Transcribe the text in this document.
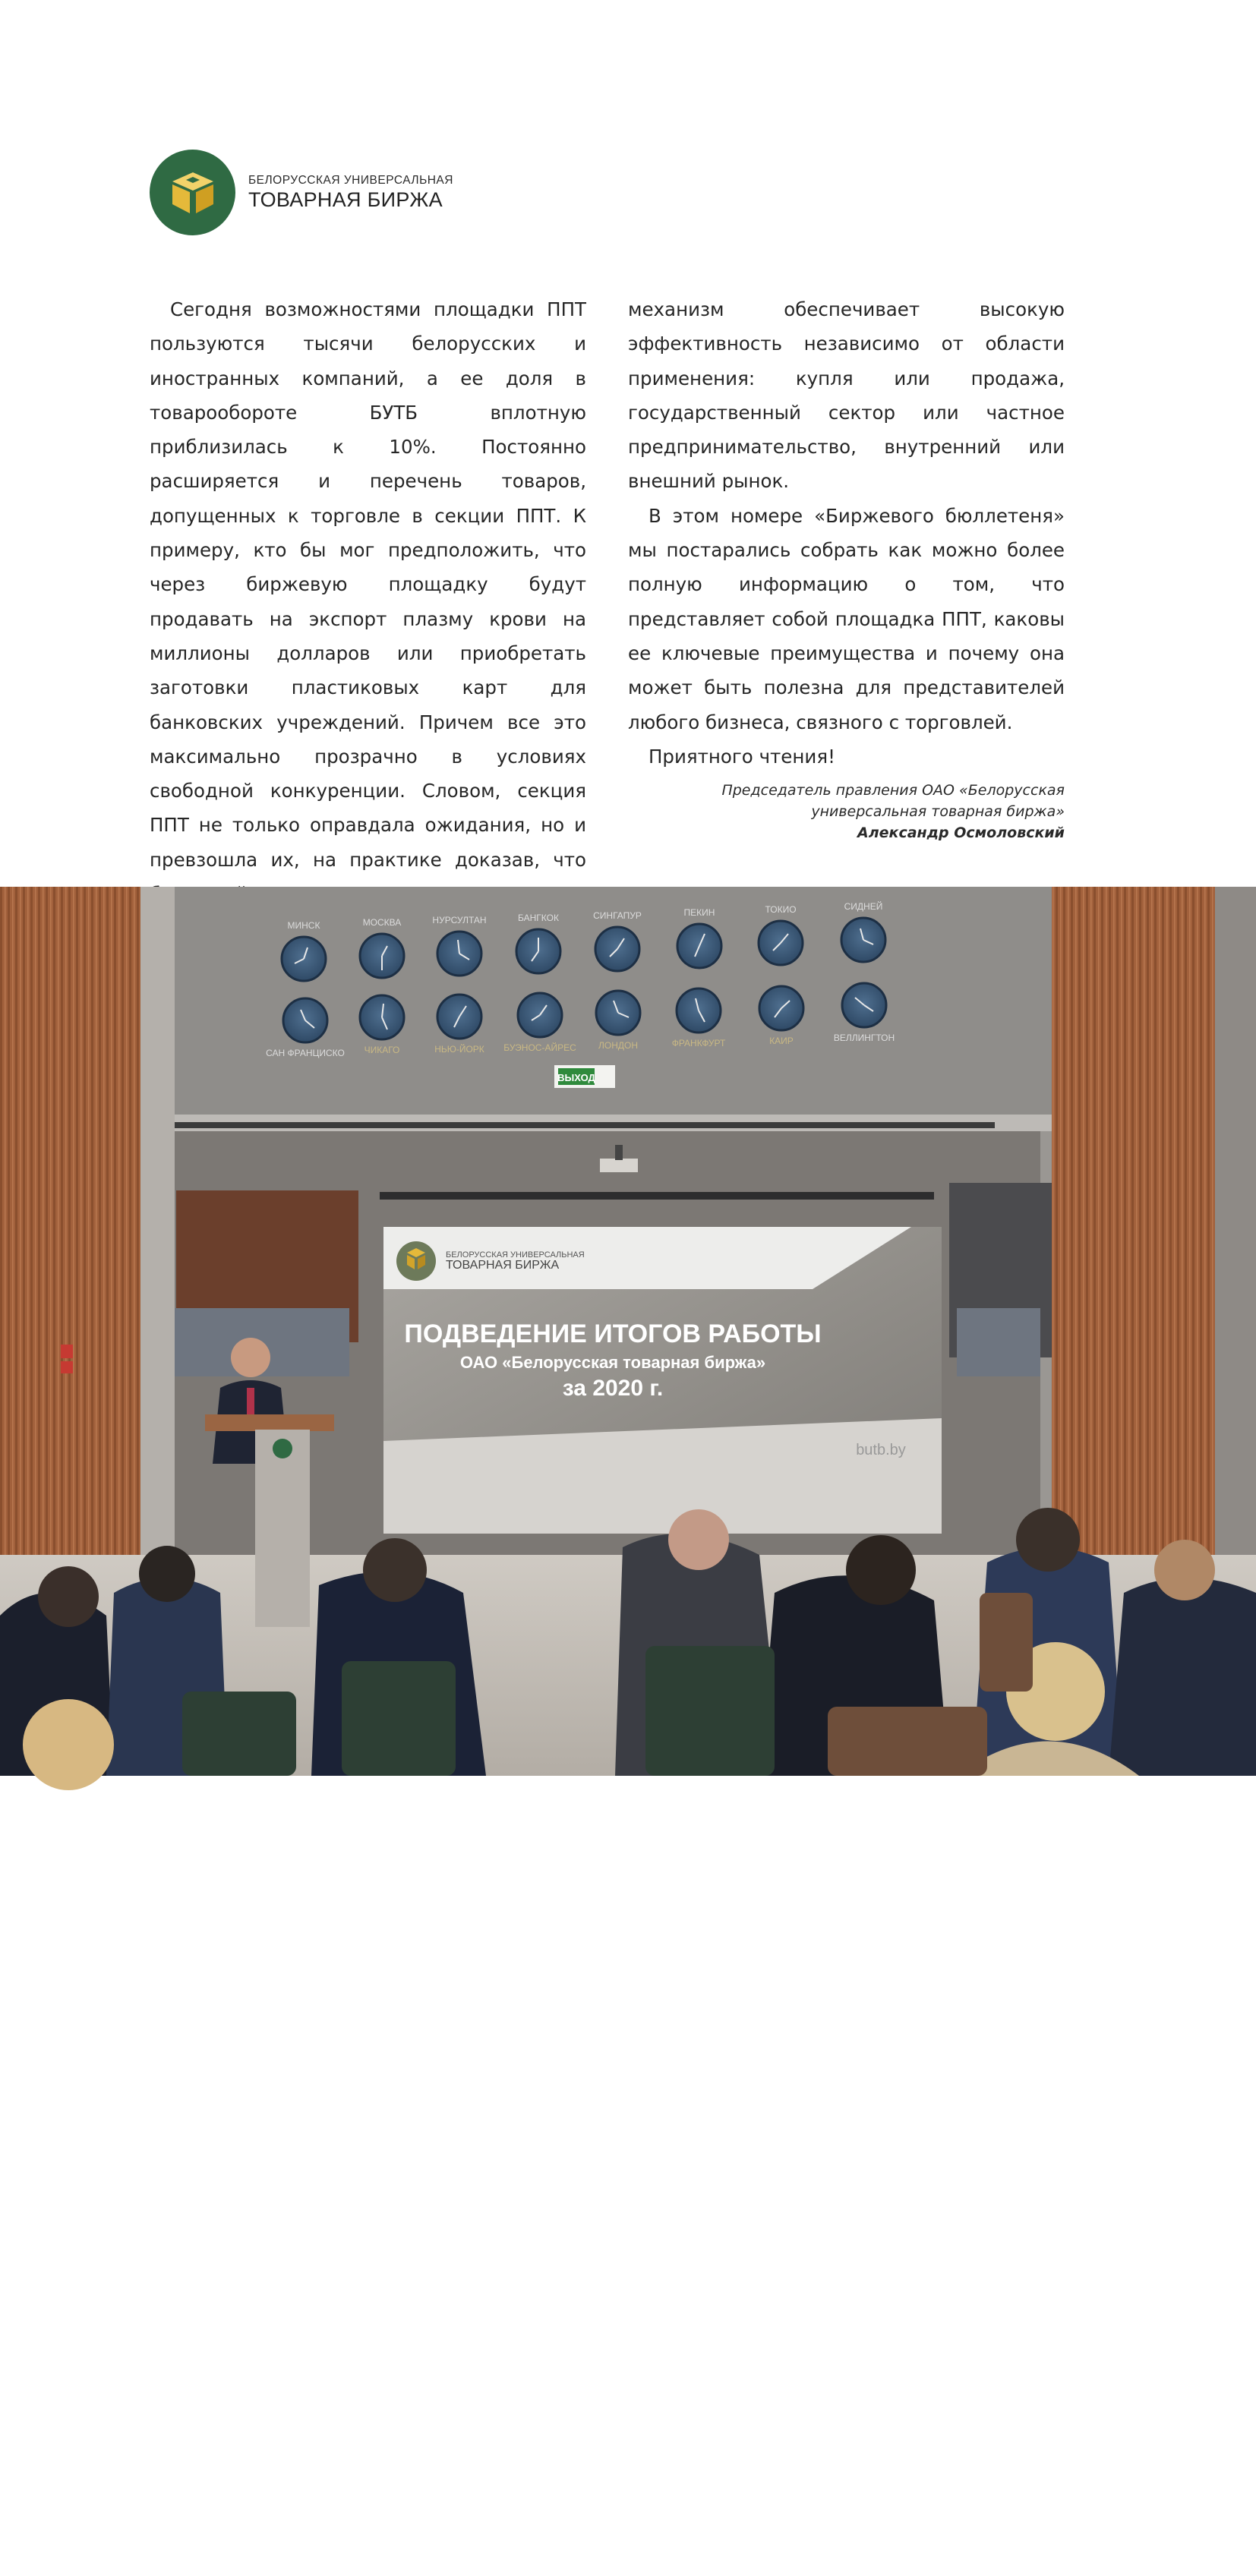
БЕЛОРУССКАЯ УНИВЕРСАЛЬНАЯ
ТОВАРНАЯ БИРЖА

Сегодня возможностями площадки ППТ пользуются тысячи белорусских и иностранных компаний, а ее доля в товарообороте БУТБ вплотную приблизилась к 10%. Постоянно расширяется и перечень товаров, допущенных к торговле в секции ППТ. К примеру, кто бы мог предположить, что через биржевую площадку будут продавать на экспорт плазму крови на миллионы долларов или приобретать заготовки пластиковых карт для банковских учреждений. Причем все это максимально прозрачно в условиях свободной конкуренции. Словом, секция ППТ не только оправдала ожидания, но и превзошла их, на практике доказав, что

механизм обеспечивает высокую эффективность независимо от области применения: купля или продажа, государственный сектор или частное предпринимательство, внутренний или внешний рынок.

В этом номере «Биржевого бюллетеня» мы постарались собрать как можно более полную информацию о том, что представляет собой площадка ППТ, каковы ее ключевые преимущества и почему она может быть полезна для представителей любого бизнеса, связного с торговлей.

Приятного чтения!

Председатель правления ОАО «Белорусская
универсальная товарная биржа»
Александр Осмоловский
БЕЛОРУССКАЯ УНИВЕРСАЛЬНАЯ
ТОВАРНАЯ БИРЖА
ПОДВЕДЕНИЕ ИТОГОВ РАБОТЫ
ОАО «Белорусская товарная биржа»
за 2020 г.
butb.by
ВЫХОД
МИНСК	МОСКВА	НУРСУЛТАН	БАНГКОК	СИНГАПУР	ПЕКИН	ТОКИО	СИДНЕЙ
САН ФРАНЦИСКО ЧИКАГО	НЬЮ-ЙОРК БУЭНОС-АЙРЕС ЛОНДОН	ФРАНКФУРТ	КАИР	ВЕЛЛИНГТОН
Биржевой бюллетень 2021 | № 2(64)	3
